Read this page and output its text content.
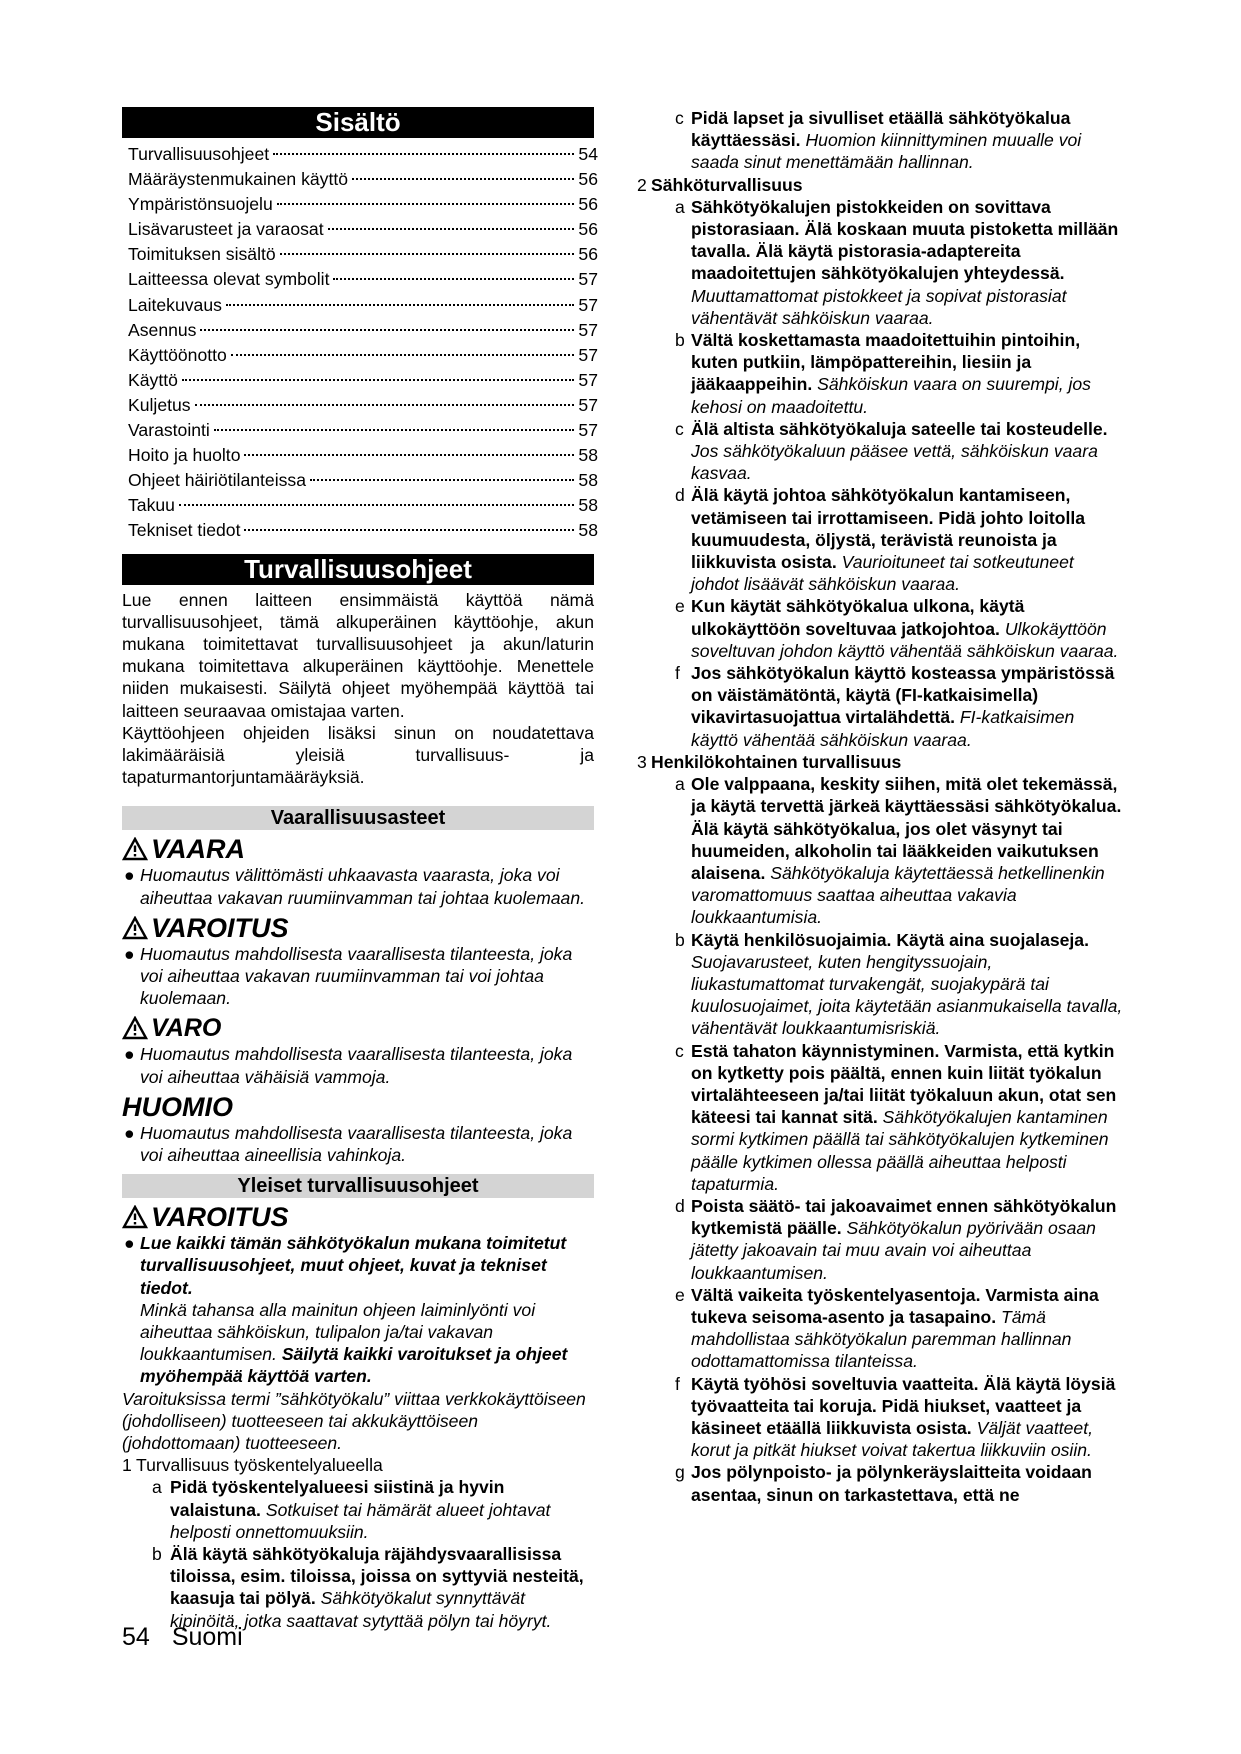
Sisältö
Turvallisuusohjeet	54
Määräystenmukainen käyttö	56
Ympäristönsuojelu	56
Lisävarusteet ja varaosat	56
Toimituksen sisältö	56
Laitteessa olevat symbolit	57
Laitekuvaus	57
Asennus	57
Käyttöönotto	57
Käyttö	57
Kuljetus	57
Varastointi	57
Hoito ja huolto	58
Ohjeet häiriötilanteissa	58
Takuu	58
Tekniset tiedot	58
Turvallisuusohjeet

Lue ennen laitteen ensimmäistä käyttöä nämä turvallisuusohjeet, tämä alkuperäinen käyttöohje, akun mukana toimitettavat turvallisuusohjeet ja akun/laturin mukana toimitettava alkuperäinen käyttöohje. Menettele niiden mukaisesti. Säilytä ohjeet myöhempää käyttöä tai laitteen seuraavaa omistajaa varten.

Käyttöohjeen ohjeiden lisäksi sinun on noudatettava lakimääräisiä yleisiä turvallisuus- ja tapaturmantorjuntamääräyksiä.

Vaarallisuusasteet
VAARA
● Huomautus välittömästi uhkaavasta vaarasta, joka voi aiheuttaa vakavan ruumiinvamman tai johtaa kuolemaan.
VAROITUS
● Huomautus mahdollisesta vaarallisesta tilanteesta, joka voi aiheuttaa vakavan ruumiinvamman tai voi johtaa kuolemaan.
VARO
● Huomautus mahdollisesta vaarallisesta tilanteesta, joka voi aiheuttaa vähäisiä vammoja.
HUOMIO
● Huomautus mahdollisesta vaarallisesta tilanteesta, joka voi aiheuttaa aineellisia vahinkoja.
Yleiset turvallisuusohjeet
VAROITUS
● Lue kaikki tämän sähkötyökalun mukana toimitetut turvallisuusohjeet, muut ohjeet, kuvat ja tekniset tiedot.
Minkä tahansa alla mainitun ohjeen laiminlyönti voi aiheuttaa sähköiskun, tulipalon ja/tai vakavan loukkaantumisen. Säilytä kaikki varoitukset ja ohjeet myöhempää käyttöä varten.

Varoituksissa termi ”sähkötyökalu” viittaa verkkokäyttöiseen (johdolliseen) tuotteeseen tai akkukäyttöiseen (johdottomaan) tuotteeseen.

1 Turvallisuus työskentelyalueella
a Pidä työskentelyalueesi siistinä ja hyvin valaistuna. Sotkuiset tai hämärät alueet johtavat helposti onnettomuuksiin.
b Älä käytä sähkötyökaluja räjähdysvaarallisissa tiloissa, esim. tiloissa, joissa on syttyviä nesteitä, kaasuja tai pölyä. Sähkötyökalut synnyttävät kipinöitä, jotka saattavat sytyttää pölyn tai höyryt.
c Pidä lapset ja sivulliset etäällä sähkötyökalua käyttäessäsi. Huomion kiinnittyminen muualle voi saada sinut menettämään hallinnan.
2 Sähköturvallisuus
a Sähkötyökalujen pistokkeiden on sovittava pistorasiaan. Älä koskaan muuta pistoketta millään tavalla. Älä käytä pistorasia-adaptereita maadoitettujen sähkötyökalujen yhteydessä. Muuttamattomat pistokkeet ja sopivat pistorasiat vähentävät sähköiskun vaaraa.
b Vältä koskettamasta maadoitettuihin pintoihin, kuten putkiin, lämpöpattereihin, liesiin ja jääkaappeihin. Sähköiskun vaara on suurempi, jos kehosi on maadoitettu.
c Älä altista sähkötyökaluja sateelle tai kosteudelle. Jos sähkötyökaluun pääsee vettä, sähköiskun vaara kasvaa.
d Älä käytä johtoa sähkötyökalun kantamiseen, vetämiseen tai irrottamiseen. Pidä johto loitolla kuumuudesta, öljystä, terävistä reunoista ja liikkuvista osista. Vaurioituneet tai sotkeutuneet johdot lisäävät sähköiskun vaaraa.
e Kun käytät sähkötyökalua ulkona, käytä ulkokäyttöön soveltuvaa jatkojohtoa. Ulkokäyttöön soveltuvan johdon käyttö vähentää sähköiskun vaaraa.
f Jos sähkötyökalun käyttö kosteassa ympäristössä on väistämätöntä, käytä (FI-katkaisimella) vikavirtasuojattua virtalähdettä. FI-katkaisimen käyttö vähentää sähköiskun vaaraa.
3 Henkilökohtainen turvallisuus
a Ole valppaana, keskity siihen, mitä olet tekemässä, ja käytä tervettä järkeä käyttäessäsi sähkötyökalua. Älä käytä sähkötyökalua, jos olet väsynyt tai huumeiden, alkoholin tai lääkkeiden vaikutuksen alaisena. Sähkötyökaluja käytettäessä hetkellinenkin varomattomuus saattaa aiheuttaa vakavia loukkaantumisia.
b Käytä henkilösuojaimia. Käytä aina suojalaseja. Suojavarusteet, kuten hengityssuojain, liukastumattomat turvakengät, suojakypärä tai kuulosuojaimet, joita käytetään asianmukaisella tavalla, vähentävät loukkaantumisriskiä.
c Estä tahaton käynnistyminen. Varmista, että kytkin on kytketty pois päältä, ennen kuin liität työkalun virtalähteeseen ja/tai liität työkaluun akun, otat sen käteesi tai kannat sitä. Sähkötyökalujen kantaminen sormi kytkimen päällä tai sähkötyökalujen kytkeminen päälle kytkimen ollessa päällä aiheuttaa helposti tapaturmia.
d Poista säätö- tai jakoavaimet ennen sähkötyökalun kytkemistä päälle. Sähkötyökalun pyörivään osaan jätetty jakoavain tai muu avain voi aiheuttaa loukkaantumisen.
e Vältä vaikeita työskentelyasentoja. Varmista aina tukeva seisoma-asento ja tasapaino. Tämä mahdollistaa sähkötyökalun paremman hallinnan odottamattomissa tilanteissa.
f Käytä työhösi soveltuvia vaatteita. Älä käytä löysiä työvaatteita tai koruja. Pidä hiukset, vaatteet ja käsineet etäällä liikkuvista osista. Väljät vaatteet, korut ja pitkät hiukset voivat takertua liikkuviin osiin.
g Jos pölynpoisto- ja pölynkeräyslaitteita voidaan asentaa, sinun on tarkastettava, että ne
54 Suomi
